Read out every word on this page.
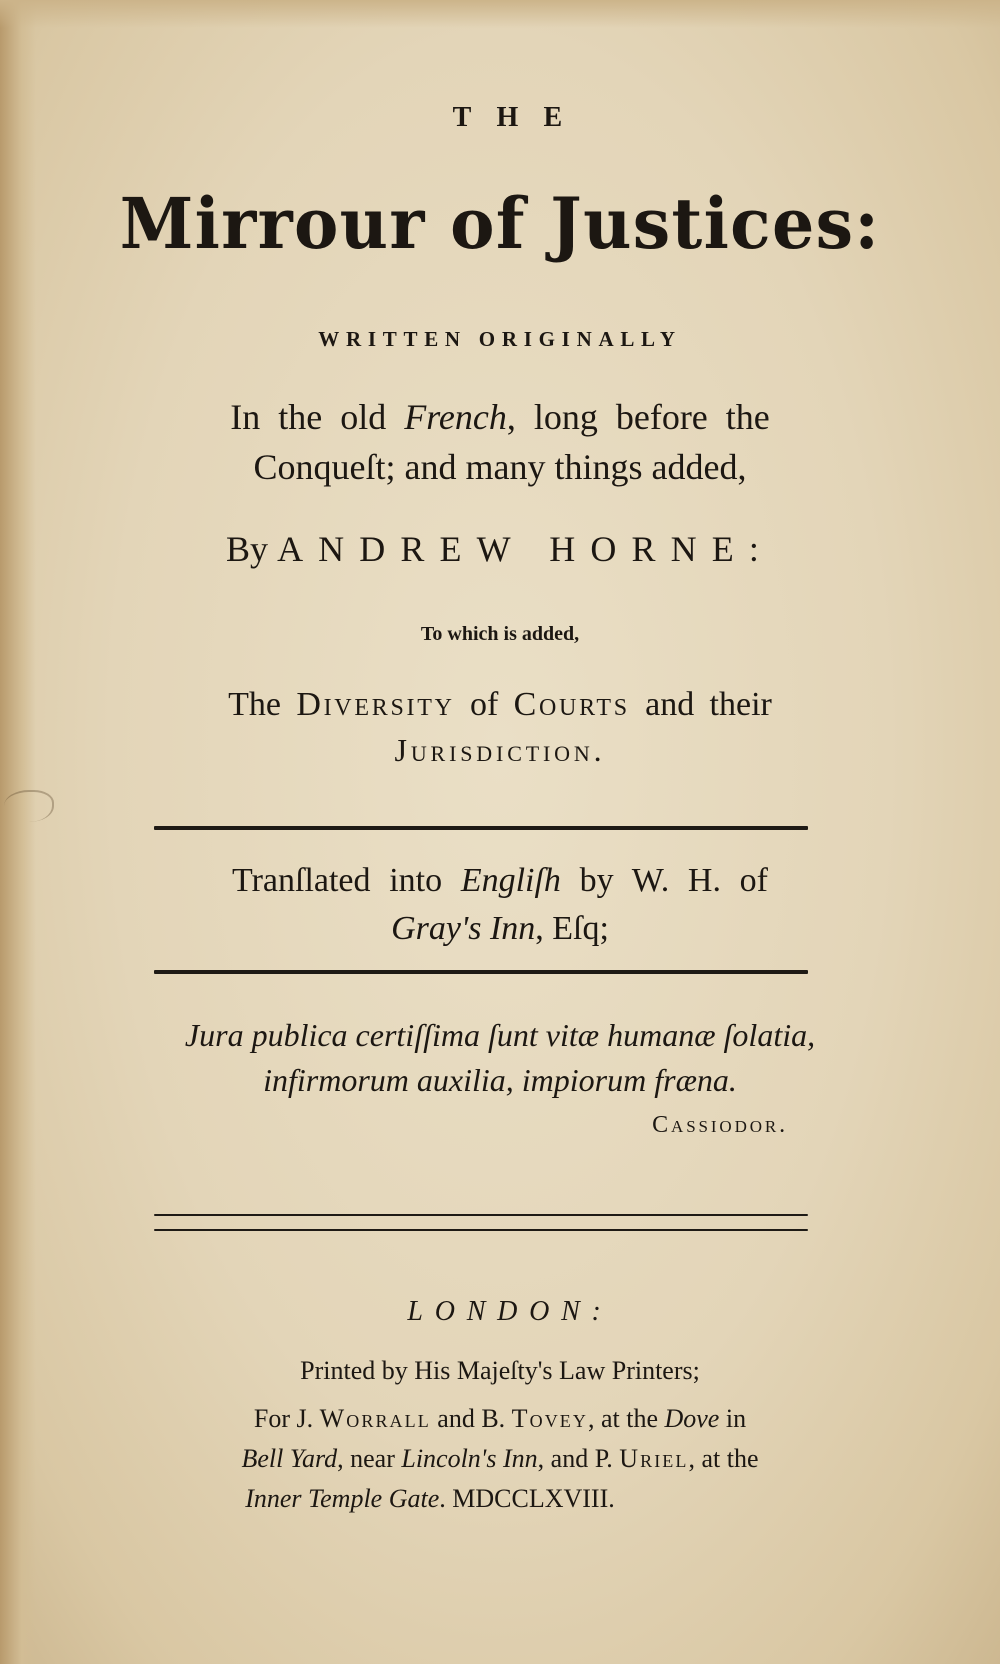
THE
Mirrour of Justices:
WRITTEN ORIGINALLY
In the old French, long before the
Conqueſt; and many things added,
By ANDREW HORNE:
To which is added,
The Diversity of Courts and their
Jurisdiction.
Tranſlated into Engliſh by W. H. of
Gray's Inn, Eſq;
Jura publica certiſſima ſunt vitæ humanæ ſolatia,
infirmorum auxilia, impiorum fræna.
Cassiodor.
LONDON:
Printed by His Majeſty's Law Printers;
For J. Worrall and B. Tovey, at the Dove in
Bell Yard, near Lincoln's Inn, and P. Uriel, at the
Inner Temple Gate. MDCCLXVIII.
